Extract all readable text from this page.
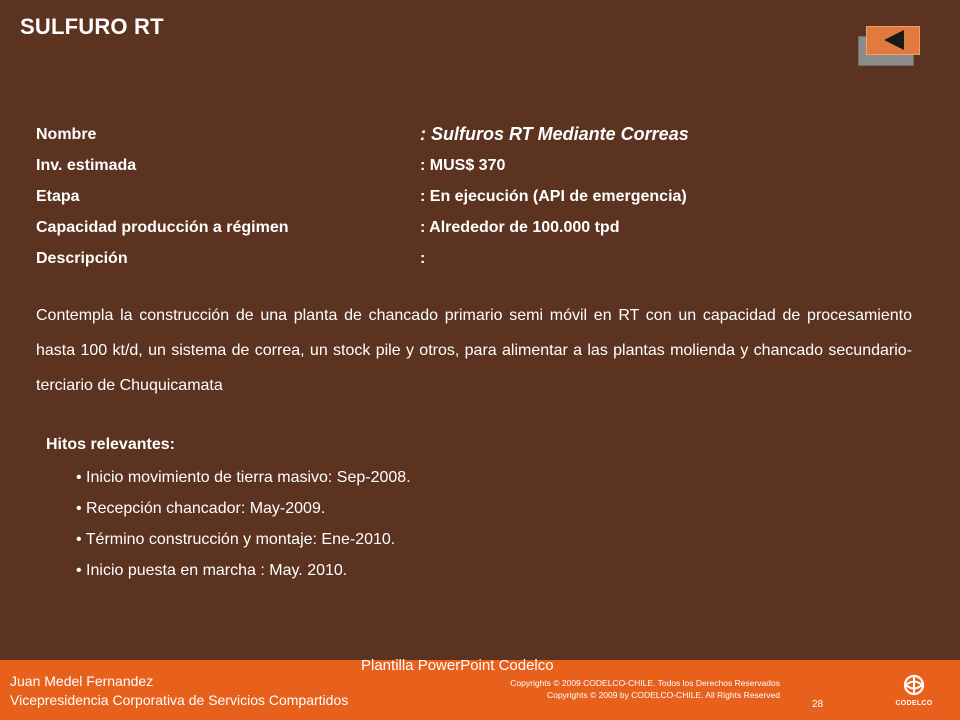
SULFURO RT
Nombre	: Sulfuros RT Mediante Correas
Inv. estimada	: MUS$ 370
Etapa	: En ejecución (API de emergencia)
Capacidad producción a régimen	: Alrededor de 100.000 tpd
Descripción	:
Contempla la construcción de una planta de chancado primario semi móvil en RT con un capacidad de procesamiento hasta 100 kt/d, un sistema de correa, un stock pile y otros, para alimentar a las plantas molienda y chancado secundario-terciario de Chuquicamata
Hitos relevantes:
• Inicio movimiento de tierra masivo: Sep-2008.
• Recepción chancador: May-2009.
• Término construcción y montaje: Ene-2010.
• Inicio puesta en marcha : May. 2010.
Plantilla PowerPoint Codelco
Juan Medel Fernandez
Vicepresidencia Corporativa de Servicios Compartidos
Copyrights © 2009 CODELCO-CHILE. Todos los Derechos Reservados
Copyrights © 2009 by CODELCO-CHILE. All Rights Reserved
28	CODELCO
